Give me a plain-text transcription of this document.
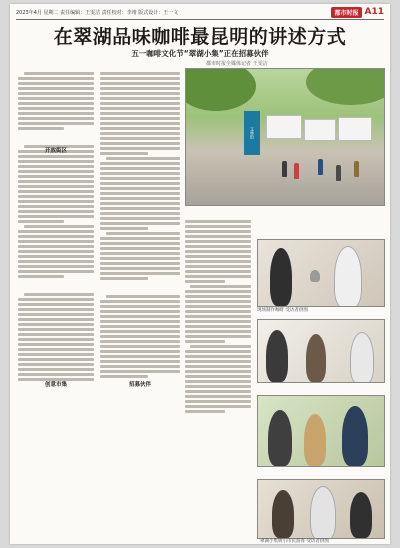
2023年4月 星期二 责任编辑：王雯洁 责任校对：李靖 版式设计：王一文	都市时报 A11
在翠湖品味咖啡最昆明的讲述方式
五一咖啡文化节“翠湖小集”正在招募伙伴
都市时报全媒体记者 王雯洁
开放街区
创意市集	招募伙伴
文林街
现场制作咖啡 受访者供图
翠湖小集吸引市民游客 受访者供图
